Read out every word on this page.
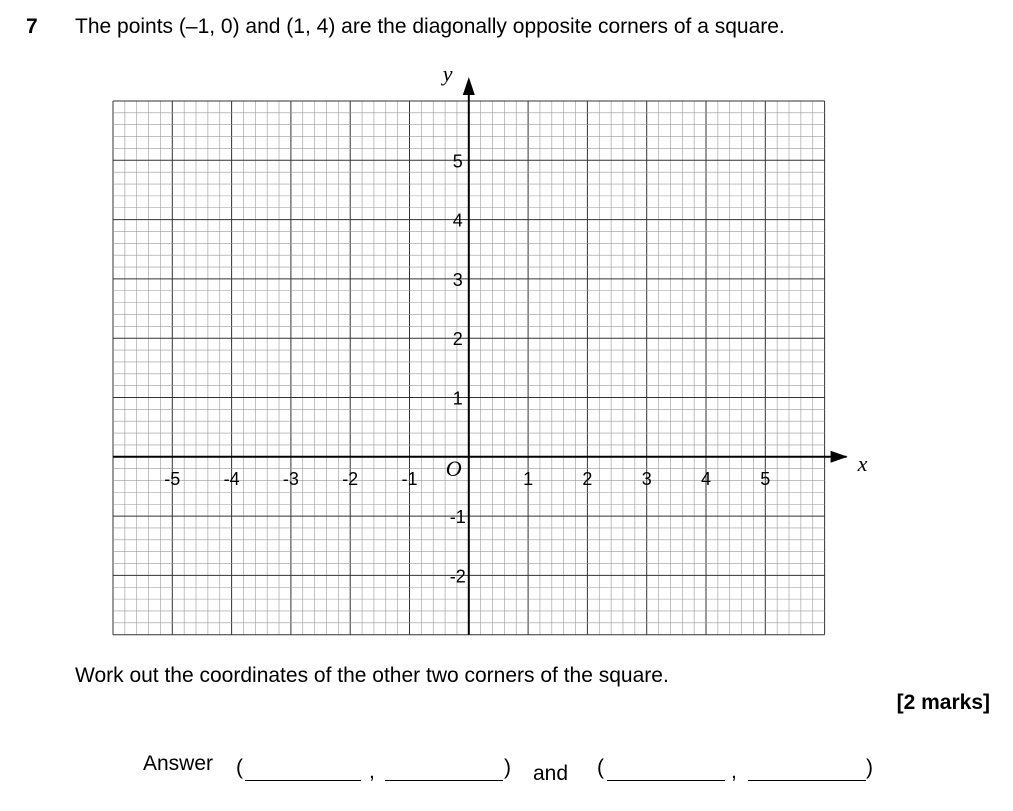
7 The points (–1, 0) and (1, 4) are the diagonally opposite corners of a square.
-5 -4 -3 -2 -1	1	2	3	4	5
5
4
3
2
1
-1
-2
x
y
O
Work out the coordinates of the other two corners of the square.
[2 marks]
Answer (	,	) and (	,	)
